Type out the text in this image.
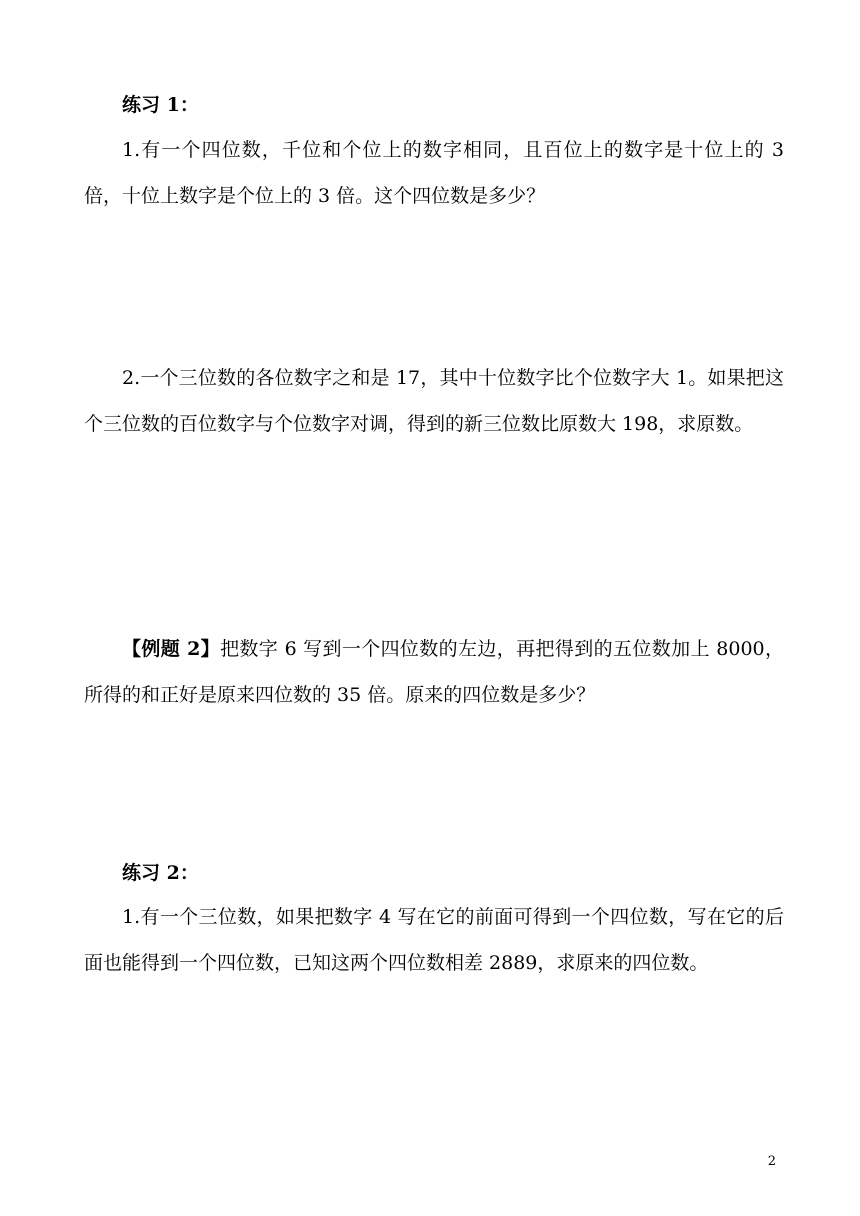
练习 1：
1.有一个四位数，千位和个位上的数字相同，且百位上的数字是十位上的 3 倍，十位上数字是个位上的 3 倍。这个四位数是多少？
2.一个三位数的各位数字之和是 17，其中十位数字比个位数字大 1。如果把这个三位数的百位数字与个位数字对调，得到的新三位数比原数大 198，求原数。
【例题 2】把数字 6 写到一个四位数的左边，再把得到的五位数加上 8000，所得的和正好是原来四位数的 35 倍。原来的四位数是多少？
练习 2：
1.有一个三位数，如果把数字 4 写在它的前面可得到一个四位数，写在它的后面也能得到一个四位数，已知这两个四位数相差 2889，求原来的四位数。
2
